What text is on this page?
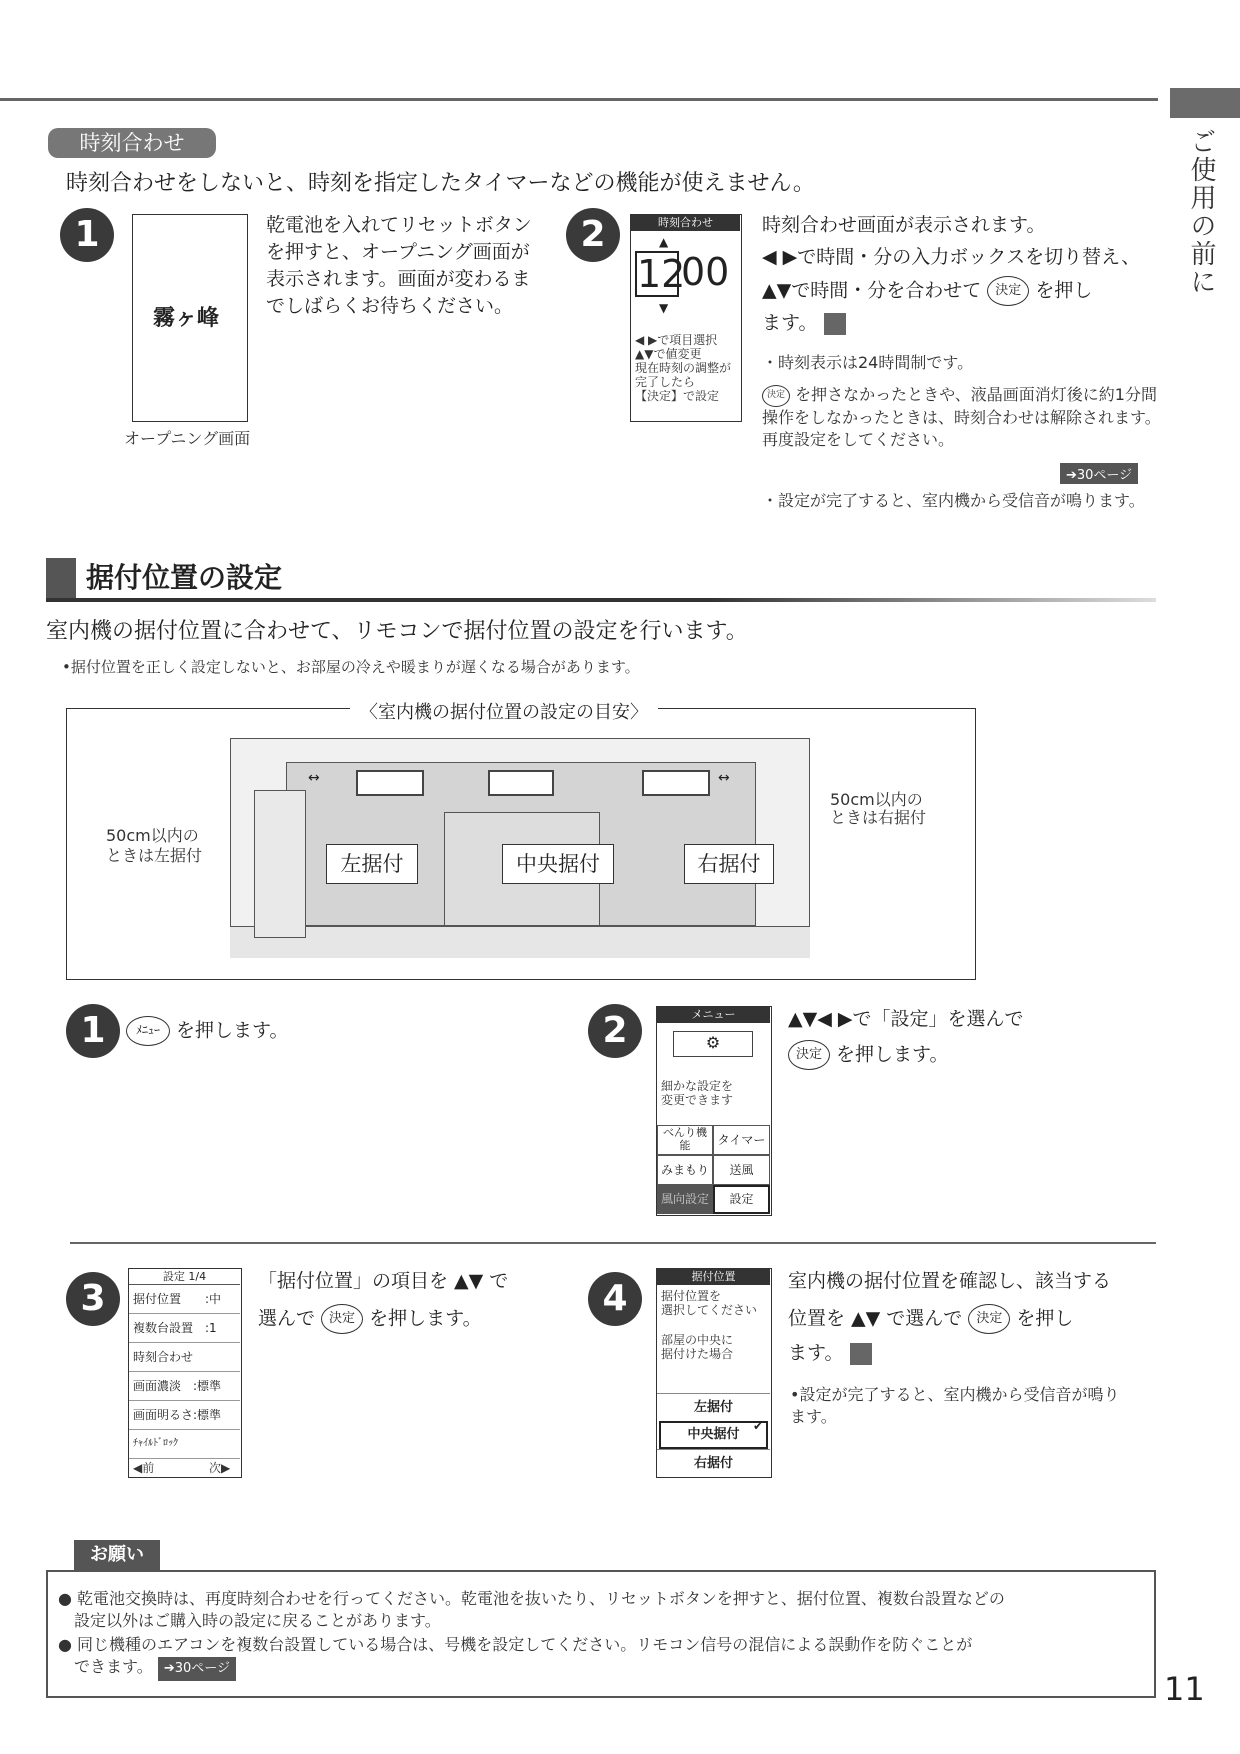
ご使用の前に
時刻合わせ
時刻合わせをしないと、時刻を指定したタイマーなどの機能が使えません。
1
霧ヶ峰
オープニング画面
乾電池を入れてリセットボタンを押すと、オープニング画面が表示されます。画面が変わるまでしばらくお待ちください。
2	時刻合わせ
▲
12
00
▼
◀ ▶で項目選択
▲▼で値変更
現在時刻の調整が
完了したら
【決定】で設定
時刻合わせ画面が表示されます。
◀ ▶で時間・分の入力ボックスを切り替え、
▲▼で時間・分を合わせて 決定 を押し
ます。
・時刻表示は24時間制です。
決定 を押さなかったときや、液晶画面消灯後に約1分間操作をしなかったときは、時刻合わせは解除されます。再度設定をしてください。
➔30ページ
・設定が完了すると、室内機から受信音が鳴ります。
据付位置の設定
室内機の据付位置に合わせて、リモコンで据付位置の設定を行います。
•据付位置を正しく設定しないと、お部屋の冷えや暖まりが遅くなる場合があります。
〈室内機の据付位置の設定の目安〉
↔	↔
50cm以内の
ときは左据付
50cm以内の
ときは右据付
左据付	中央据付	右据付
1	ﾒﾆｭｰ を押します。	2	メニュー
⚙
細かな設定を
変更できます
べんり機能	タイマー
みまもり	送風
風向設定	設定
▲▼◀ ▶で「設定」を選んで
決定 を押します。
3
設定 1/4
据付位置　　:中
複数台設置　:1
時刻合わせ
画面濃淡　:標準
画面明るさ:標準
ﾁｬｲﾙﾄﾞﾛｯｸ
◀前	次▶
「据付位置」の項目を ▲▼ で
選んで 決定 を押します。	4
据付位置
据付位置を
選択してください
部屋の中央に
据付けた場合
左据付
中央据付
✔
右据付
室内機の据付位置を確認し、該当する
位置を ▲▼ で選んで 決定 を押し
ます。
•設定が完了すると、室内機から受信音が鳴ります。
お願い
● 乾電池交換時は、再度時刻合わせを行ってください。乾電池を抜いたり、リセットボタンを押すと、据付位置、複数台設置などの
設定以外はご購入時の設定に戻ることがあります。
● 同じ機種のエアコンを複数台設置している場合は、号機を設定してください。リモコン信号の混信による誤動作を防ぐことが
できます。 ➔30ページ
11
